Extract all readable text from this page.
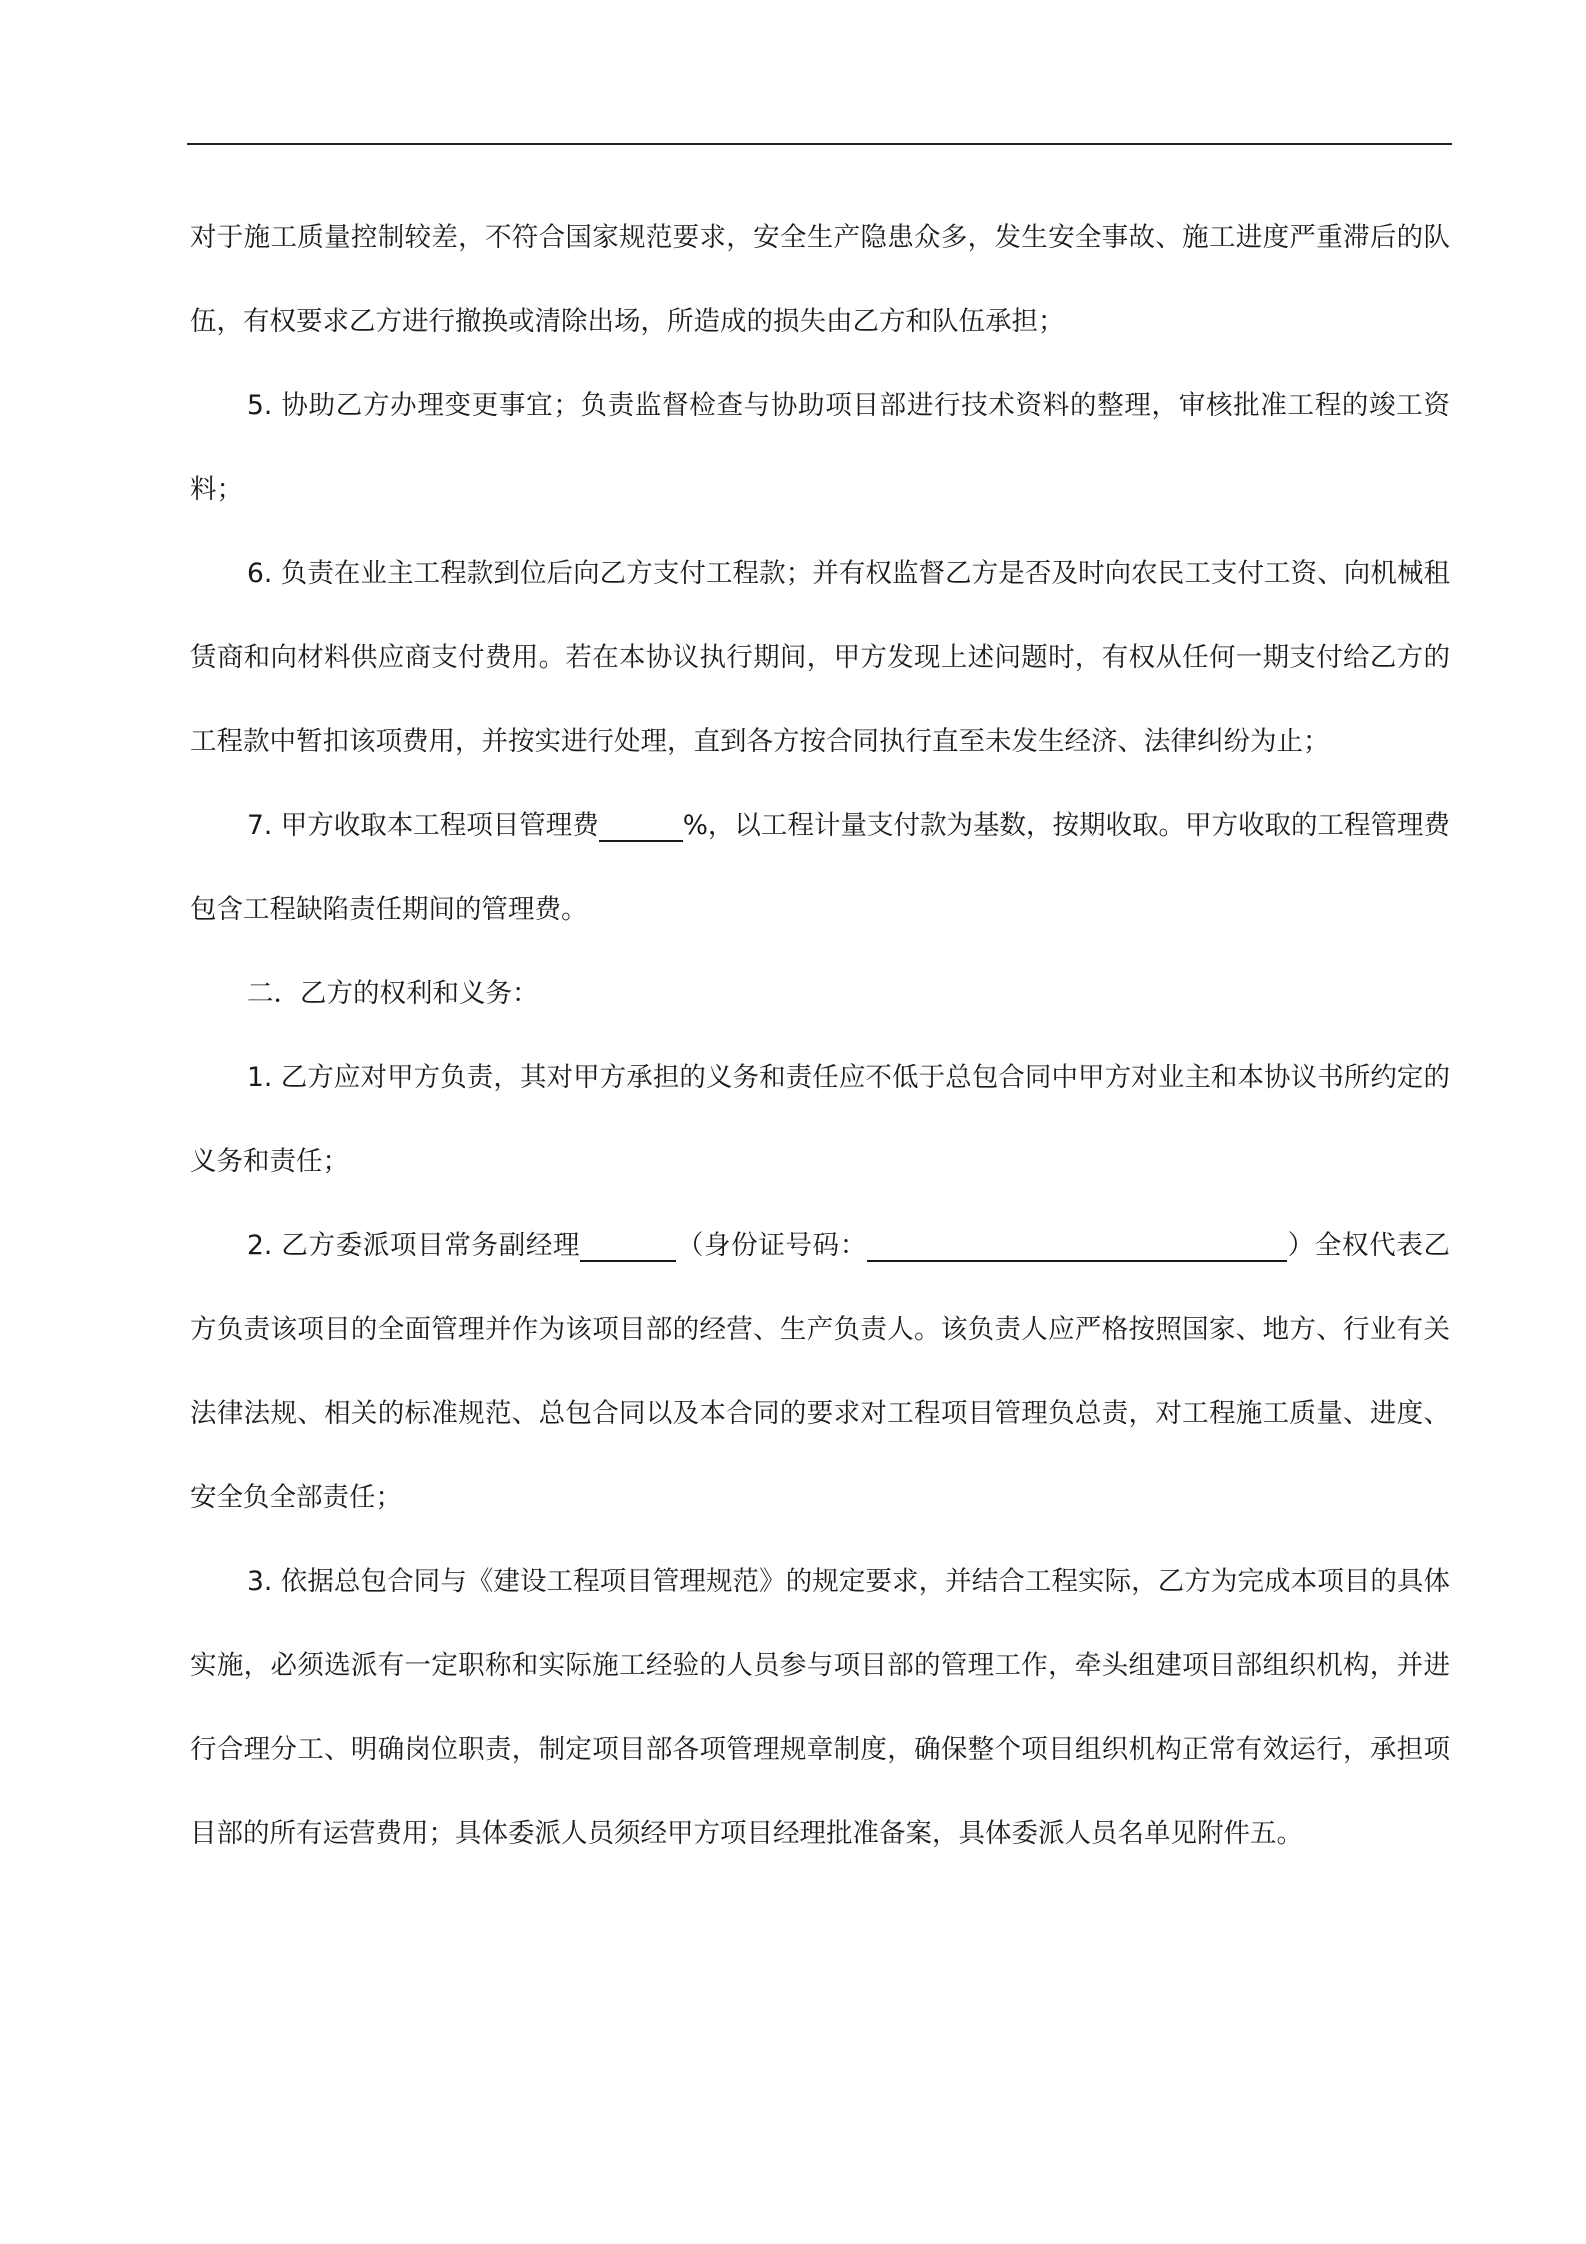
对于施工质量控制较差，不符合国家规范要求，安全生产隐患众多，发生安全事故、施工进度严重滞后的队伍，有权要求乙方进行撤换或清除出场，所造成的损失由乙方和队伍承担；

5. 协助乙方办理变更事宜；负责监督检查与协助项目部进行技术资料的整理，审核批准工程的竣工资料；

6. 负责在业主工程款到位后向乙方支付工程款；并有权监督乙方是否及时向农民工支付工资、向机械租赁商和向材料供应商支付费用。若在本协议执行期间，甲方发现上述问题时，有权从任何一期支付给乙方的工程款中暂扣该项费用，并按实进行处理，直到各方按合同执行直至未发生经济、法律纠纷为止；

7. 甲方收取本工程项目管理费	%，以工程计量支付款为基数，按期收取。甲方收取的工程管理费包含工程缺陷责任期间的管理费。

二．乙方的权利和义务：

1. 乙方应对甲方负责，其对甲方承担的义务和责任应不低于总包合同中甲方对业主和本协议书所约定的义务和责任；

2. 乙方委派项目常务副经理	（身份证号码：	）全权代表乙方负责该项目的全面管理并作为该项目部的经营、生产负责人。该负责人应严格按照国家、地方、行业有关法律法规、相关的标准规范、总包合同以及本合同的要求对工程项目管理负总责，对工程施工质量、进度、安全负全部责任；

3. 依据总包合同与《建设工程项目管理规范》的规定要求，并结合工程实际，乙方为完成本项目的具体实施，必须选派有一定职称和实际施工经验的人员参与项目部的管理工作，牵头组建项目部组织机构，并进行合理分工、明确岗位职责，制定项目部各项管理规章制度，确保整个项目组织机构正常有效运行，承担项目部的所有运营费用；具体委派人员须经甲方项目经理批准备案，具体委派人员名单见附件五。
